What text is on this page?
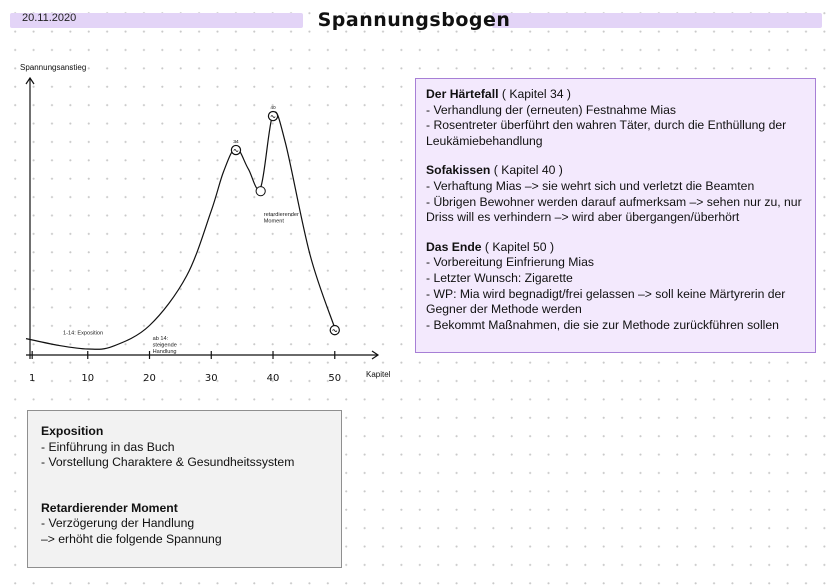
20.11.2020	Spannungsbogen
Spannungsanstieg
Kapitel
1	10	20	30	40	50
1-14: Exposition
ab 14: steigende Handlung
retardierender Moment
34
40
Der Härtefall ( Kapitel 34 )
- Verhandlung der (erneuten) Festnahme Mias
- Rosentreter überführt den wahren Täter, durch die Enthüllung der Leukämiebehandlung
Sofakissen ( Kapitel 40 )
- Verhaftung Mias –> sie wehrt sich und verletzt die Beamten
- Übrigen Bewohner werden darauf aufmerksam –> sehen nur zu, nur Driss will es verhindern –> wird aber übergangen/überhört
Das Ende ( Kapitel 50 )
- Vorbereitung Einfrierung Mias
- Letzter Wunsch: Zigarette
- WP: Mia wird begnadigt/frei gelassen –> soll keine Märtyrerin der Gegner der Methode werden
- Bekommt Maßnahmen, die sie zur Methode zurückführen sollen
Exposition
- Einführung in das Buch
- Vorstellung Charaktere & Gesundheitssystem
Retardierender Moment
- Verzögerung der Handlung
–> erhöht die folgende Spannung
